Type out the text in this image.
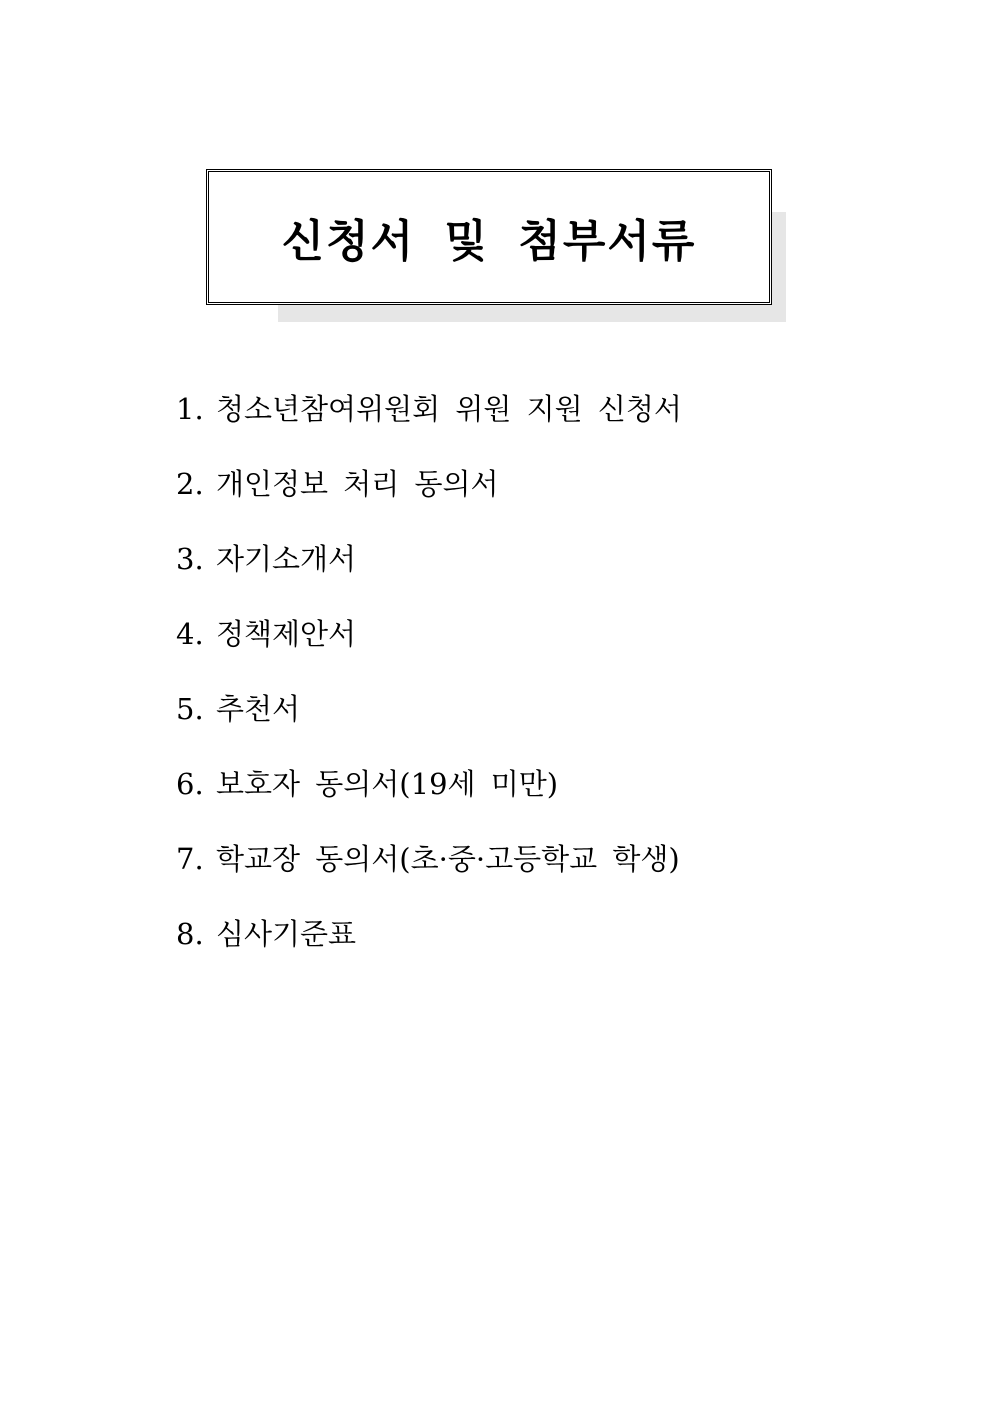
신청서 및 첨부서류
1. 청소년참여위원회 위원 지원 신청서
2. 개인정보 처리 동의서
3. 자기소개서
4. 정책제안서
5. 추천서
6. 보호자 동의서(19세 미만)
7. 학교장 동의서(초·중·고등학교 학생)
8. 심사기준표
